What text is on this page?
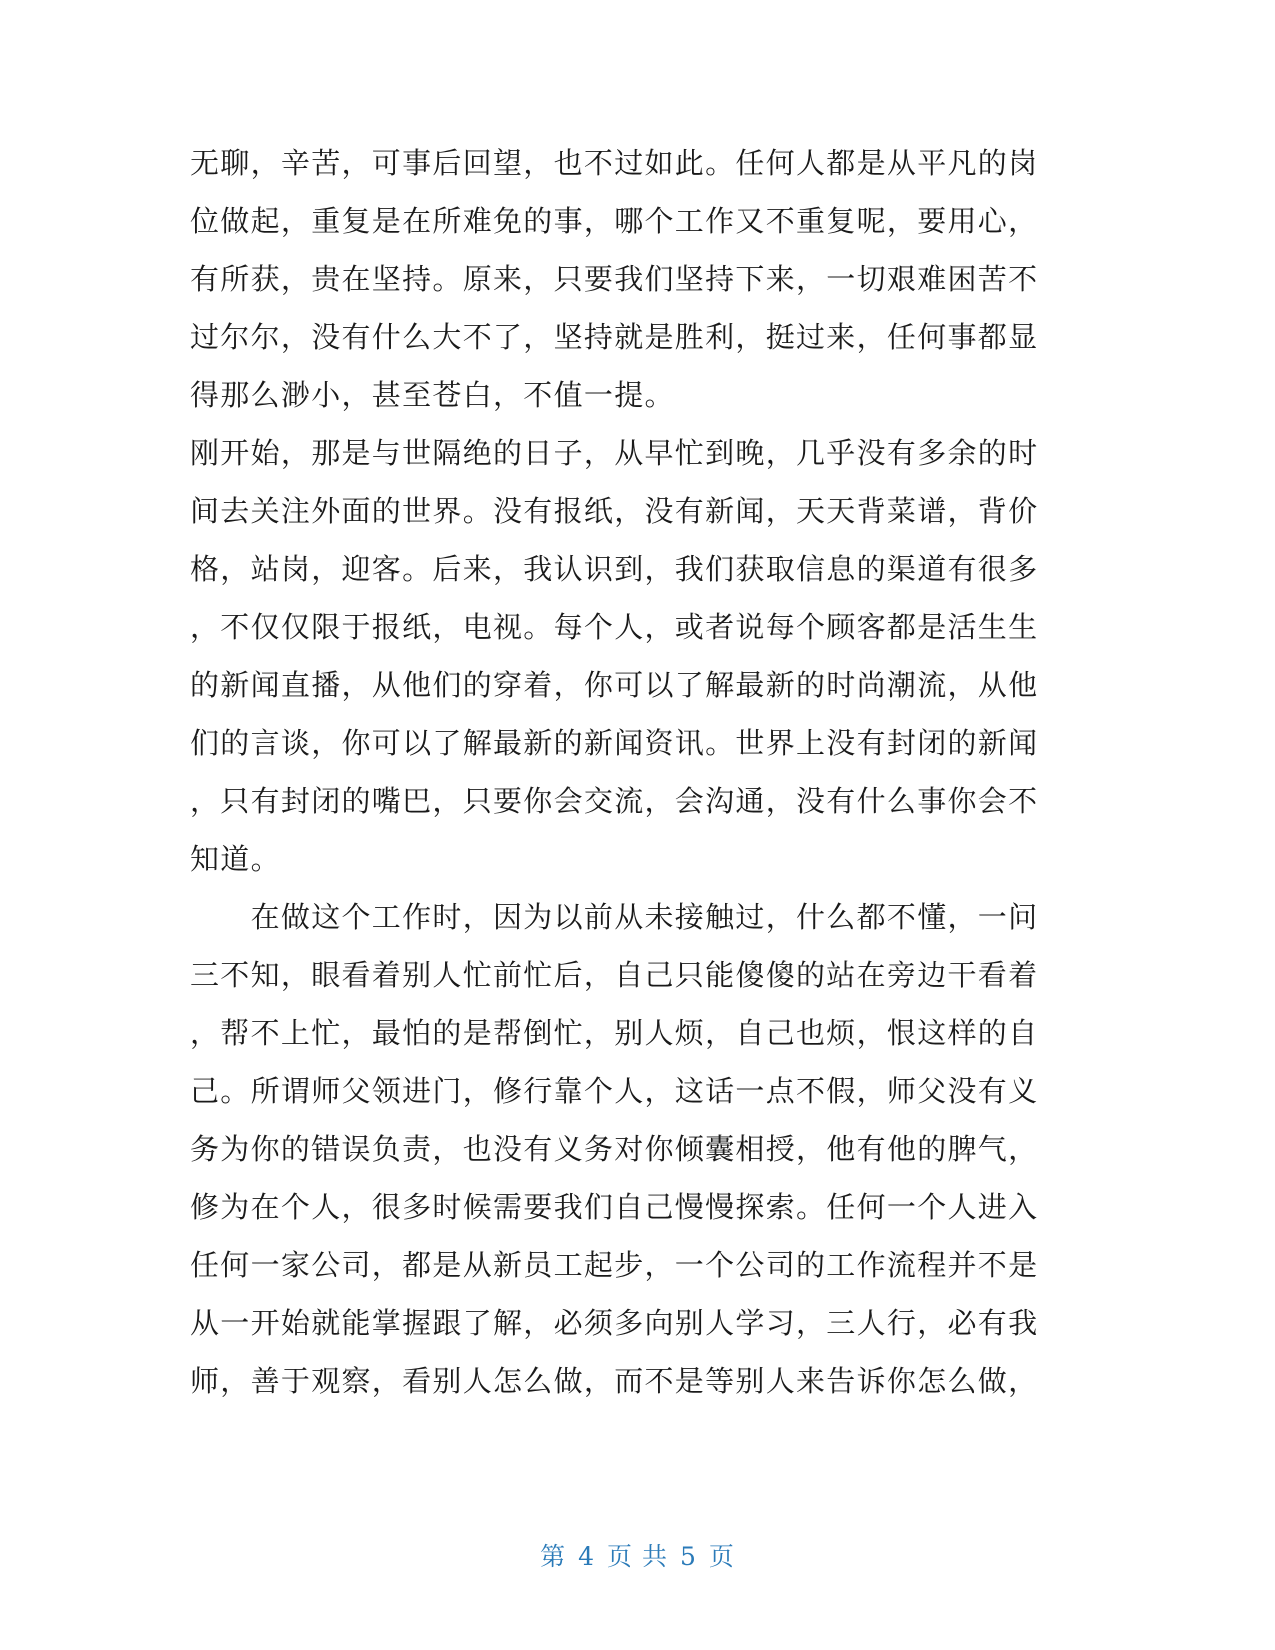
无聊，辛苦，可事后回望，也不过如此。任何人都是从平凡的岗
位做起，重复是在所难免的事，哪个工作又不重复呢，要用心，
有所获，贵在坚持。原来，只要我们坚持下来，一切艰难困苦不
过尔尔，没有什么大不了，坚持就是胜利，挺过来，任何事都显
得那么渺小，甚至苍白，不值一提。
刚开始，那是与世隔绝的日子，从早忙到晚，几乎没有多余的时
间去关注外面的世界。没有报纸，没有新闻，天天背菜谱，背价
格，站岗，迎客。后来，我认识到，我们获取信息的渠道有很多
，不仅仅限于报纸，电视。每个人，或者说每个顾客都是活生生
的新闻直播，从他们的穿着，你可以了解最新的时尚潮流，从他
们的言谈，你可以了解最新的新闻资讯。世界上没有封闭的新闻
，只有封闭的嘴巴，只要你会交流，会沟通，没有什么事你会不
知道。
　　在做这个工作时，因为以前从未接触过，什么都不懂，一问
三不知，眼看着别人忙前忙后，自己只能傻傻的站在旁边干看着
，帮不上忙，最怕的是帮倒忙，别人烦，自己也烦，恨这样的自
己。所谓师父领进门，修行靠个人，这话一点不假，师父没有义
务为你的错误负责，也没有义务对你倾囊相授，他有他的脾气，
修为在个人，很多时候需要我们自己慢慢探索。任何一个人进入
任何一家公司，都是从新员工起步，一个公司的工作流程并不是
从一开始就能掌握跟了解，必须多向别人学习，三人行，必有我
师，善于观察，看别人怎么做，而不是等别人来告诉你怎么做，
第 4 页 共 5 页
